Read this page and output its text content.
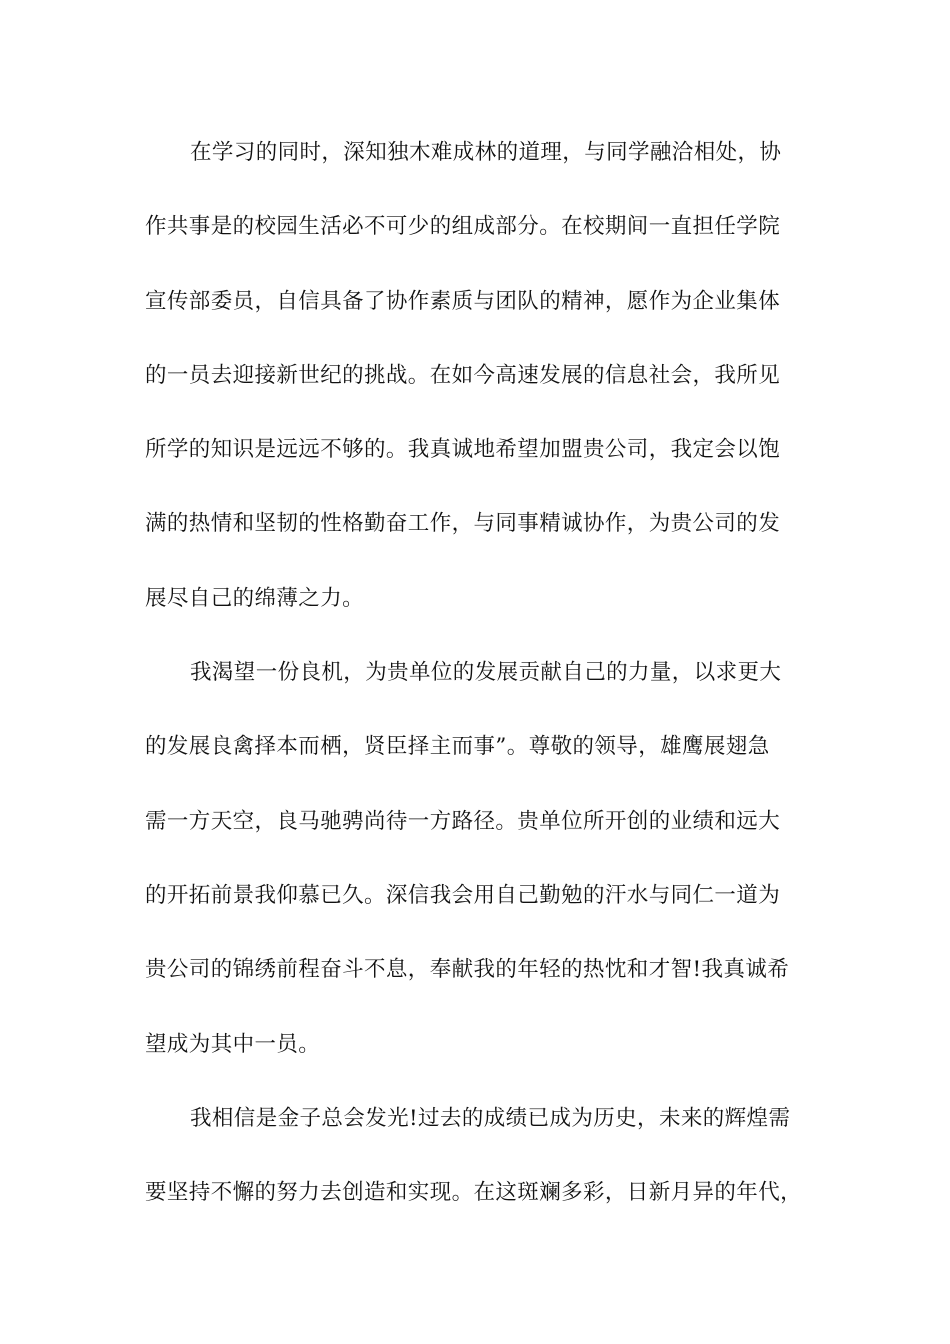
在学习的同时，深知独木难成林的道理，与同学融洽相处，协
作共事是的校园生活必不可少的组成部分。在校期间一直担任学院
宣传部委员，自信具备了协作素质与团队的精神，愿作为企业集体
的一员去迎接新世纪的挑战。在如今高速发展的信息社会，我所见
所学的知识是远远不够的。我真诚地希望加盟贵公司，我定会以饱
满的热情和坚韧的性格勤奋工作，与同事精诚协作，为贵公司的发
展尽自己的绵薄之力。
我渴望一份良机，为贵单位的发展贡献自己的力量，以求更大
的发展良禽择本而栖，贤臣择主而事”。尊敬的领导，雄鹰展翅急
需一方天空，良马驰骋尚待一方路径。贵单位所开创的业绩和远大
的开拓前景我仰慕已久。深信我会用自己勤勉的汗水与同仁一道为
贵公司的锦绣前程奋斗不息，奉献我的年轻的热忱和才智!我真诚希
望成为其中一员。
我相信是金子总会发光!过去的成绩已成为历史，未来的辉煌需
要坚持不懈的努力去创造和实现。在这斑斓多彩，日新月异的年代，
